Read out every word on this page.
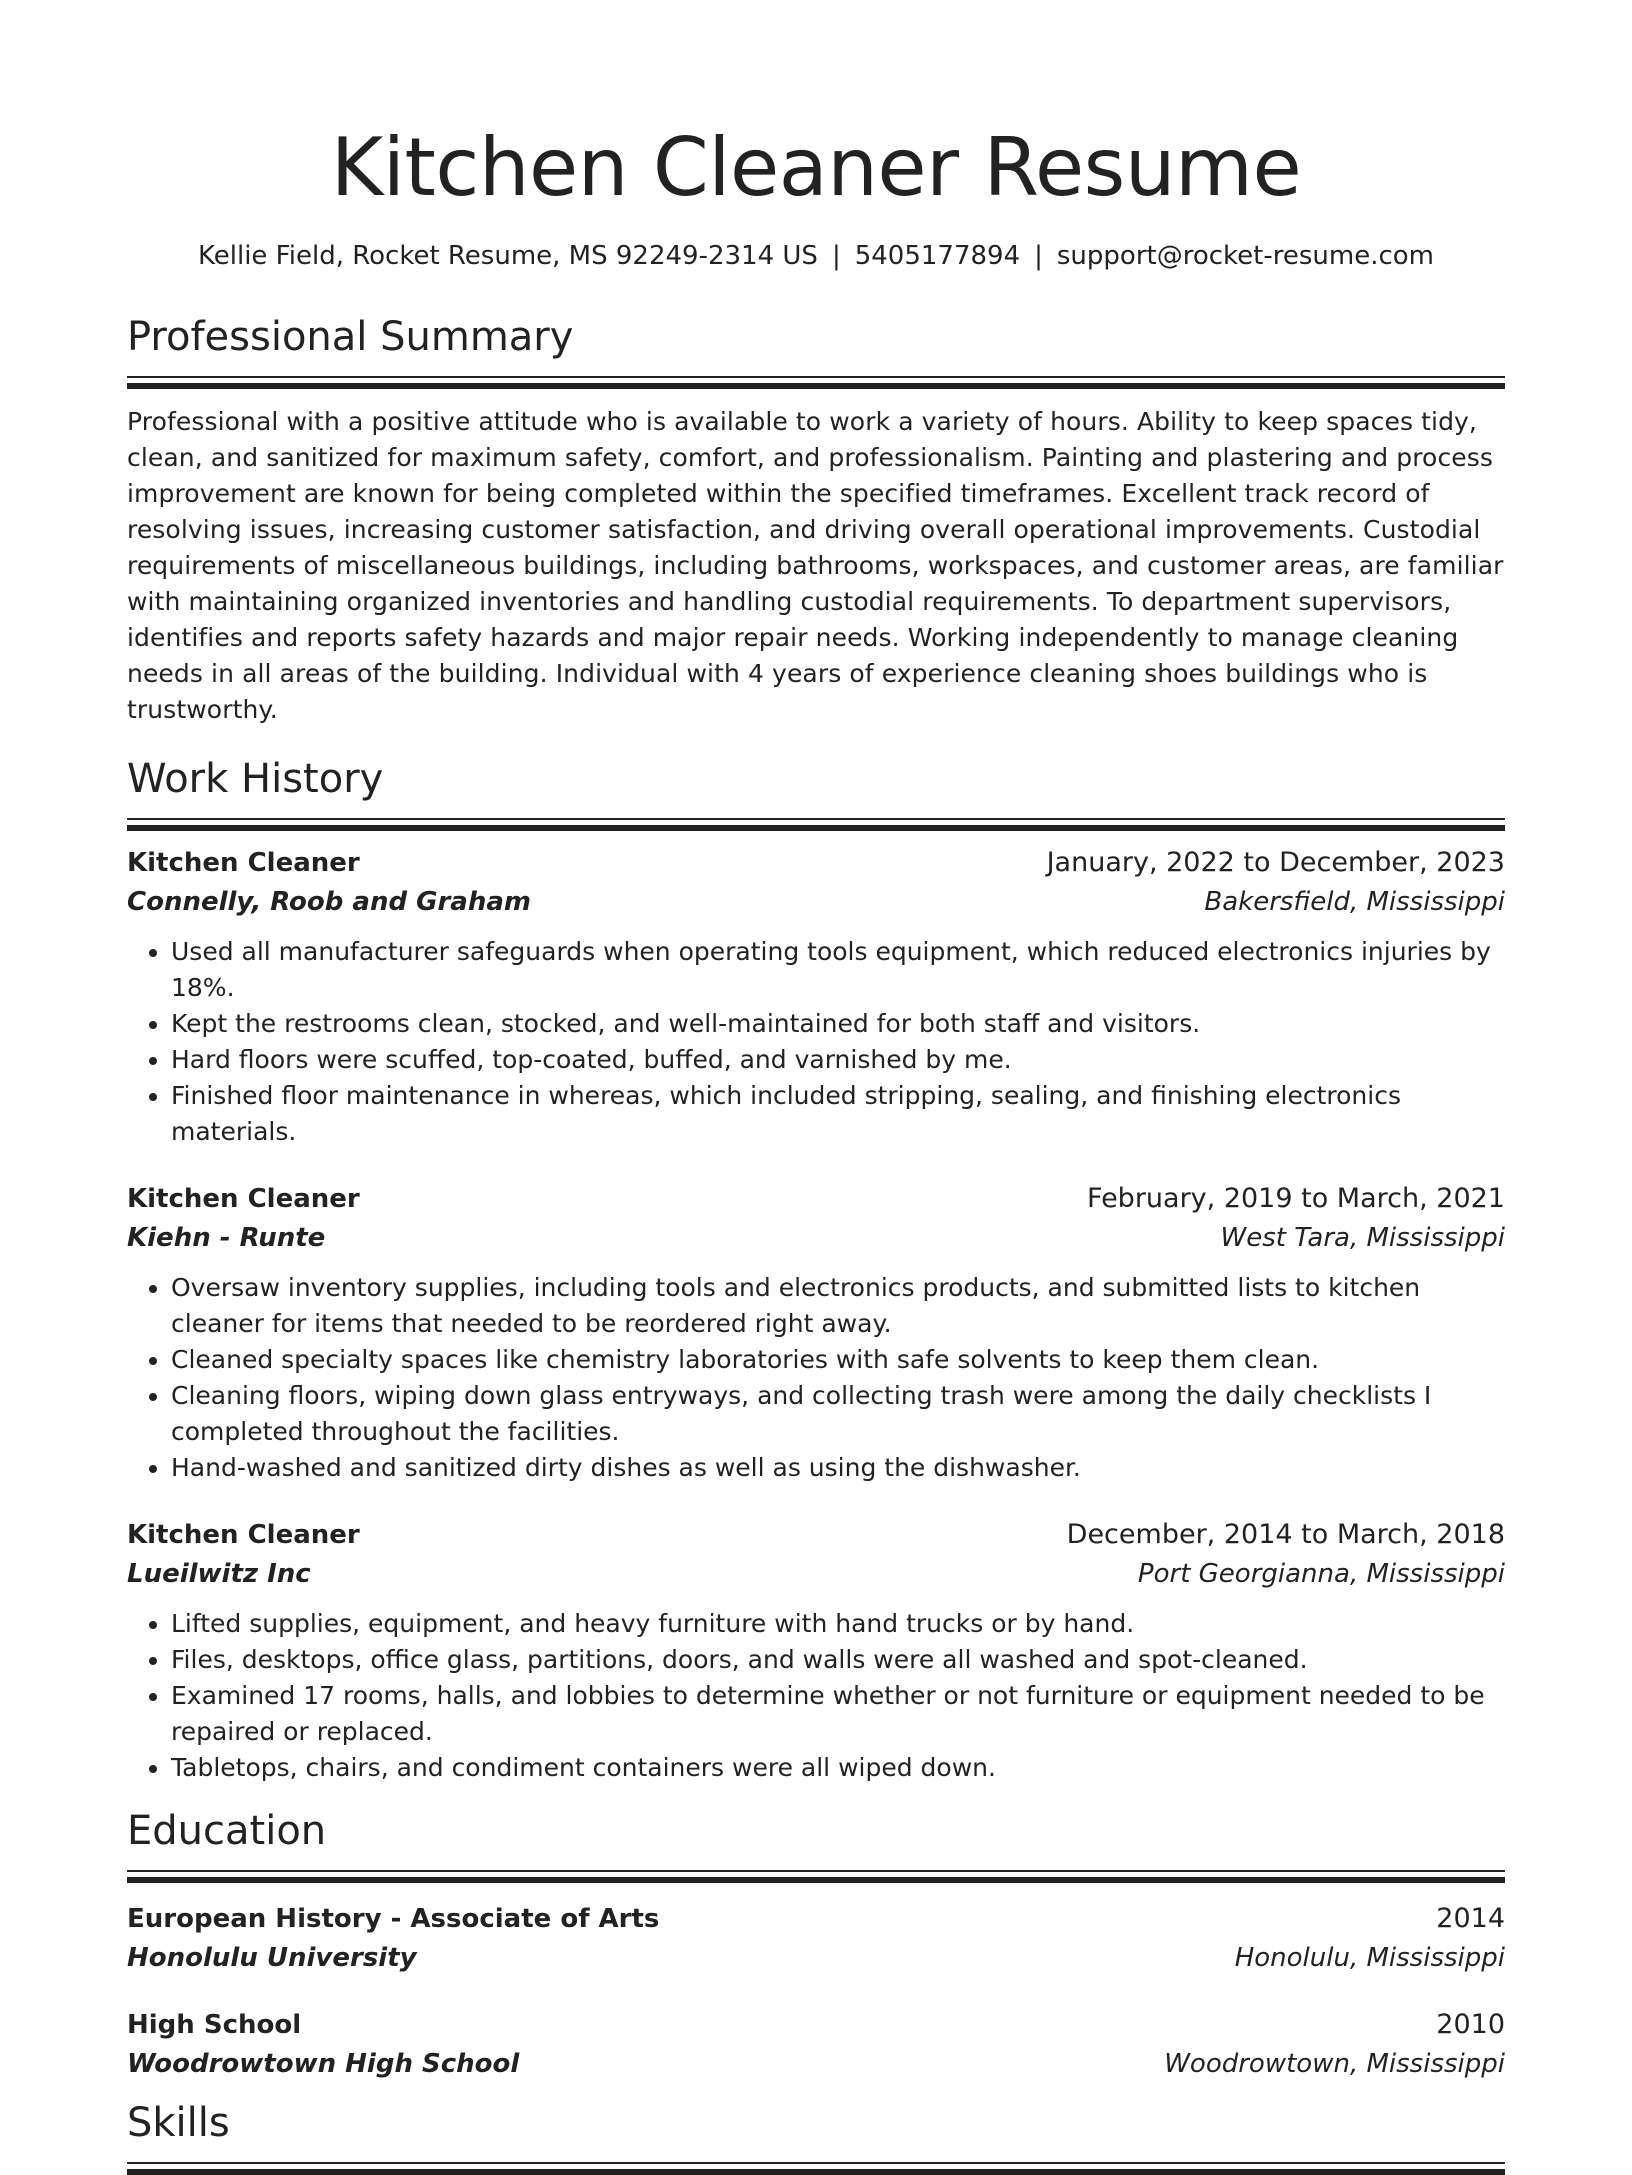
Kitchen Cleaner Resume
Kellie Field, Rocket Resume, MS 92249-2314 US | 5405177894 | support@rocket-resume.com
Professional Summary
Professional with a positive attitude who is available to work a variety of hours. Ability to keep spaces tidy, clean, and sanitized for maximum safety, comfort, and professionalism. Painting and plastering and process improvement are known for being completed within the specified timeframes. Excellent track record of resolving issues, increasing customer satisfaction, and driving overall operational improvements. Custodial requirements of miscellaneous buildings, including bathrooms, workspaces, and customer areas, are familiar with maintaining organized inventories and handling custodial requirements. To department supervisors, identifies and reports safety hazards and major repair needs. Working independently to manage cleaning needs in all areas of the building. Individual with 4 years of experience cleaning shoes buildings who is trustworthy.
Work History
Kitchen Cleaner	January, 2022 to December, 2023
Connelly, Roob and Graham	Bakersfield, Mississippi
• Used all manufacturer safeguards when operating tools equipment, which reduced electronics injuries by 18%.
• Kept the restrooms clean, stocked, and well-maintained for both staff and visitors.
• Hard floors were scuffed, top-coated, buffed, and varnished by me.
• Finished floor maintenance in whereas, which included stripping, sealing, and finishing electronics materials.
Kitchen Cleaner	February, 2019 to March, 2021
Kiehn - Runte	West Tara, Mississippi
• Oversaw inventory supplies, including tools and electronics products, and submitted lists to kitchen cleaner for items that needed to be reordered right away.
• Cleaned specialty spaces like chemistry laboratories with safe solvents to keep them clean.
• Cleaning floors, wiping down glass entryways, and collecting trash were among the daily checklists I completed throughout the facilities.
• Hand-washed and sanitized dirty dishes as well as using the dishwasher.
Kitchen Cleaner	December, 2014 to March, 2018
Lueilwitz Inc	Port Georgianna, Mississippi
• Lifted supplies, equipment, and heavy furniture with hand trucks or by hand.
• Files, desktops, office glass, partitions, doors, and walls were all washed and spot-cleaned.
• Examined 17 rooms, halls, and lobbies to determine whether or not furniture or equipment needed to be repaired or replaced.
• Tabletops, chairs, and condiment containers were all wiped down.
Education
European History - Associate of Arts	2014
Honolulu University	Honolulu, Mississippi
High School	2010
Woodrowtown High School	Woodrowtown, Mississippi
Skills
